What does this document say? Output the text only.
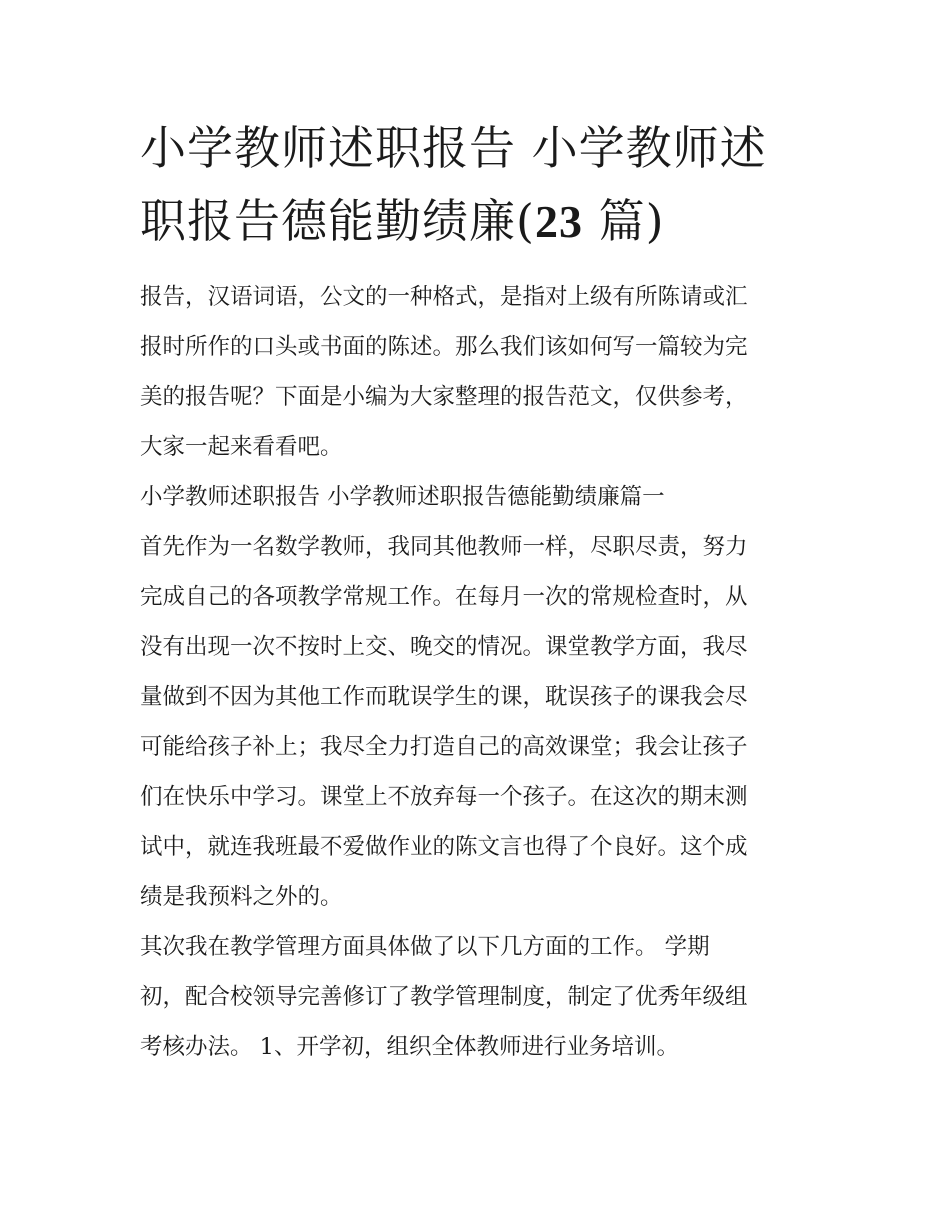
小学教师述职报告 小学教师述
职报告德能勤绩廉(23 篇)

报告，汉语词语，公文的一种格式，是指对上级有所陈请或汇
报时所作的口头或书面的陈述。那么我们该如何写一篇较为完
美的报告呢？下面是小编为大家整理的报告范文，仅供参考，
大家一起来看看吧。

小学教师述职报告 小学教师述职报告德能勤绩廉篇一

首先作为一名数学教师，我同其他教师一样，尽职尽责，努力
完成自己的各项教学常规工作。在每月一次的常规检查时，从
没有出现一次不按时上交、晚交的情况。课堂教学方面，我尽
量做到不因为其他工作而耽误学生的课，耽误孩子的课我会尽
可能给孩子补上；我尽全力打造自己的高效课堂；我会让孩子
们在快乐中学习。课堂上不放弃每一个孩子。在这次的期末测
试中，就连我班最不爱做作业的陈文言也得了个良好。这个成
绩是我预料之外的。

其次我在教学管理方面具体做了以下几方面的工作。 学期
初，配合校领导完善修订了教学管理制度，制定了优秀年级组
考核办法。 1、开学初，组织全体教师进行业务培训。
